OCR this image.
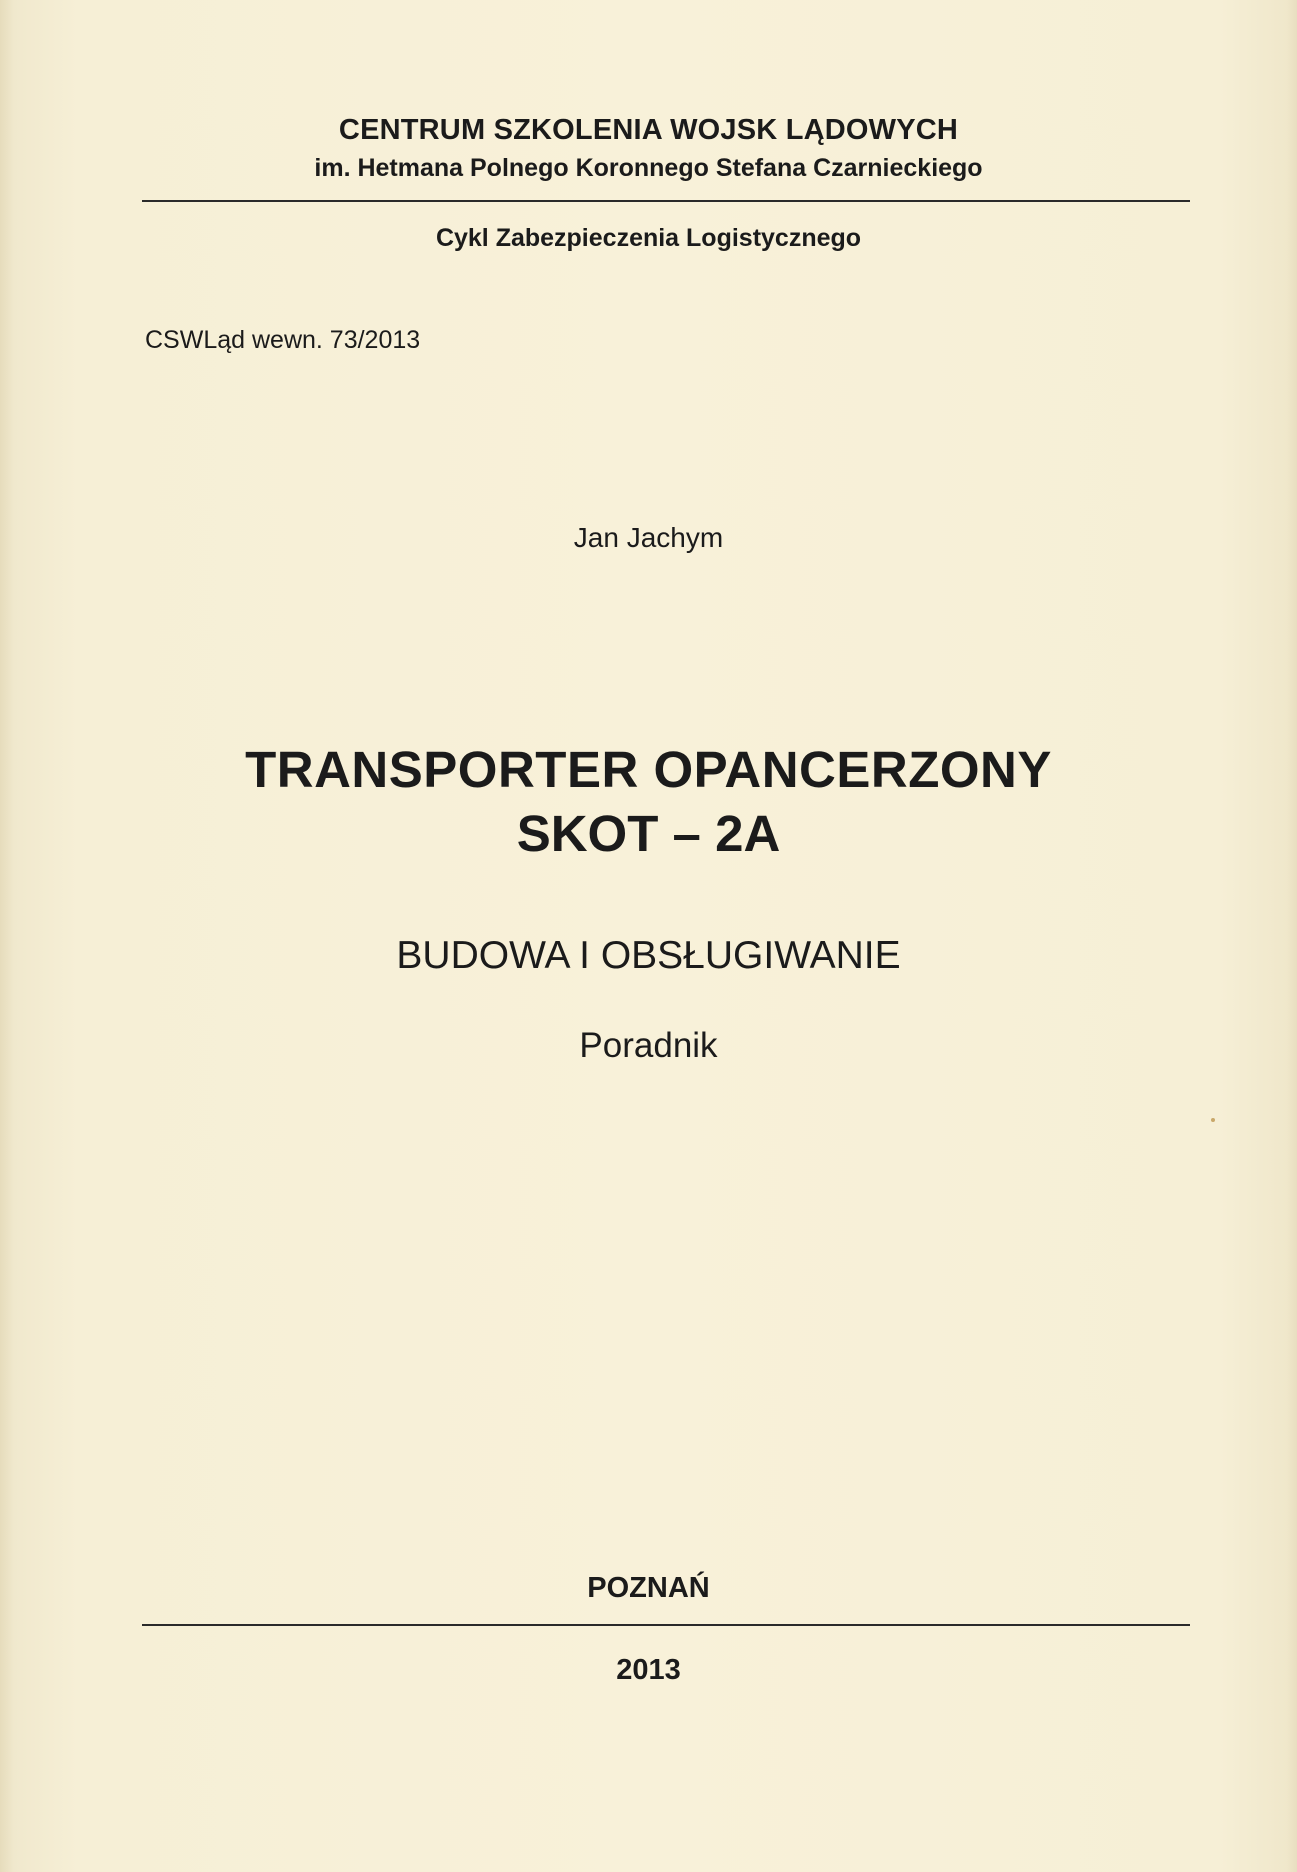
CENTRUM SZKOLENIA WOJSK LĄDOWYCH
im. Hetmana Polnego Koronnego Stefana Czarnieckiego
Cykl Zabezpieczenia Logistycznego
CSWLąd wewn. 73/2013
Jan Jachym
TRANSPORTER OPANCERZONY
SKOT – 2A
BUDOWA I OBSŁUGIWANIE
Poradnik
POZNAŃ
2013
